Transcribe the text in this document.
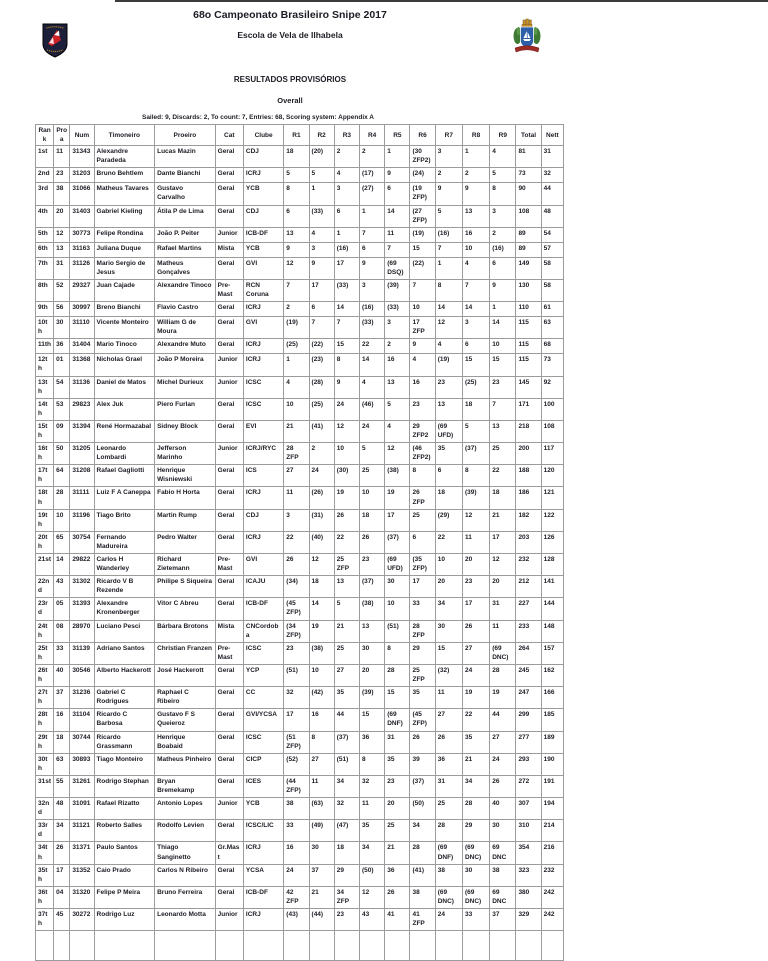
68o Campeonato Brasileiro Snipe 2017
Escola de Vela de Ilhabela
RESULTADOS PROVISÓRIOS
Overall
Sailed: 9, Discards: 2, To count: 7, Entries: 68, Scoring system: Appendix A
Rank	Proa	Num	Timoneiro	Proeiro	Cat	Clube	R1	R2	R3	R4	R5	R6	R7	R8	R9	Total	Nett
1st	11	31343	Alexandre Paradeda	Lucas Mazin	Geral	CDJ	18	(20)	2	2	1	(30 ZFP2)	3	1	4	81	31
2nd	23	31203	Bruno Behtlem	Dante Bianchi	Geral	ICRJ	5	5	4	(17)	9	(24)	2	2	5	73	32
3rd	38	31066	Matheus Tavares	Gustavo Carvalho	Geral	YCB	8	1	3	(27)	6	(19 ZFP)	9	9	8	90	44
4th	20	31403	Gabriel Kieling	Átila P de Lima	Geral	CDJ	6	(33)	6	1	14	(27 ZFP)	5	13	3	108	48
5th	12	30773	Felipe Rondina	João P. Peiter	Junior	ICB-DF	13	4	1	7	11	(19)	(16)	16	2	89	54
6th	13	31163	Juliana Duque	Rafael Martins	Mista	YCB	9	3	(16)	6	7	15	7	10	(16)	89	57
7th	31	31126	Mario Sergio de Jesus	Matheus Gonçalves	Geral	GVI	12	9	17	9	(69 DSQ)	(22)	1	4	6	149	58
8th	52	29327	Juan Cajade	Alexandre Tinoco	Pre-Mast	RCN Coruna	7	17	(33)	3	(39)	7	8	7	9	130	58
9th	56	30997	Breno Bianchi	Flavio Castro	Geral	ICRJ	2	6	14	(16)	(33)	10	14	14	1	110	61
10th	30	31110	Vicente Monteiro	William G de Moura	Geral	GVI	(19)	7	7	(33)	3	17 ZFP	12	3	14	115	63
11th	36	31404	Mario Tinoco	Alexandre Muto	Geral	ICRJ	(25)	(22)	15	22	2	9	4	6	10	115	68
12th	01	31368	Nicholas Grael	João P Moreira	Junior	ICRJ	1	(23)	8	14	16	4	(19)	15	15	115	73
13th	54	31136	Daniel de Matos	Michel Durieux	Junior	ICSC	4	(28)	9	4	13	16	23	(25)	23	145	92
14th	53	29823	Alex Juk	Piero Furlan	Geral	ICSC	10	(25)	24	(46)	5	23	13	18	7	171	100
15th	09	31394	René Hormazabal	Sidney Block	Geral	EVI	21	(41)	12	24	4	29 ZFP2	(69 UFD)	5	13	218	108
16th	50	31205	Leonardo Lombardi	Jefferson Marinho	Junior	ICRJ/RYC	28 ZFP	2	10	5	12	(46 ZFP2)	35	(37)	25	200	117
17th	64	31208	Rafael Gagliotti	Henrique Wisniewski	Geral	ICS	27	24	(30)	25	(38)	8	6	8	22	188	120
18th	28	31111	Luiz F A Caneppa	Fabio H Horta	Geral	ICRJ	11	(26)	19	10	19	26 ZFP	18	(39)	18	186	121
19th	10	31196	Tiago Brito	Martin Rump	Geral	CDJ	3	(31)	26	18	17	25	(29)	12	21	182	122
20th	65	30754	Fernando Madureira	Pedro Walter	Geral	ICRJ	22	(40)	22	26	(37)	6	22	11	17	203	126
21st	14	29822	Carlos H Wanderley	Richard Zietemann	Pre-Mast	GVI	26	12	25 ZFP	23	(69 UFD)	(35 ZFP)	10	20	12	232	128
22nd	43	31302	Ricardo V B Rezende	Philipe S Siqueira	Geral	ICAJU	(34)	18	13	(37)	30	17	20	23	20	212	141
23rd	05	31393	Alexandre Kronenberger	Vitor C Abreu	Geral	ICB-DF	(45 ZFP)	14	5	(38)	10	33	34	17	31	227	144
24th	08	28970	Luciano Pesci	Bárbara Brotons	Mista	CNCordoba	(34 ZFP)	19	21	13	(51)	28 ZFP	30	26	11	233	148
25th	33	31139	Adriano Santos	Christian Franzen	Pre-Mast	ICSC	23	(38)	25	30	8	29	15	27	(69 DNC)	264	157
26th	40	30546	Alberto Hackerott	José Hackerott	Geral	YCP	(51)	10	27	20	28	25 ZFP	(32)	24	28	245	162
27th	37	31236	Gabriel C Rodrigues	Raphael C Ribeiro	Geral	CC	32	(42)	35	(39)	15	35	11	19	19	247	166
28th	16	31104	Ricardo C Barbosa	Gustavo F S Queieroz	Geral	GVI/YCSA	17	16	44	15	(69 DNF)	(45 ZFP)	27	22	44	299	185
29th	18	30744	Ricardo Grassmann	Henrique Boabaid	Geral	ICSC	(51 ZFP)	8	(37)	36	31	26	26	35	27	277	189
30th	63	30893	Tiago Monteiro	Matheus Pinheiro	Geral	CICP	(52)	27	(51)	8	35	39	36	21	24	293	190
31st	55	31261	Rodrigo Stephan	Bryan Bremekamp	Geral	ICES	(44 ZFP)	11	34	32	23	(37)	31	34	26	272	191
32nd	48	31091	Rafael Rizatto	Antonio Lopes	Junior	YCB	38	(63)	32	11	20	(50)	25	28	40	307	194
33rd	34	31121	Roberto Salles	Rodolfo Levien	Geral	ICSC/LIC	33	(49)	(47)	35	25	34	28	29	30	310	214
34th	26	31371	Paulo Santos	Thiago Sanginetto	Gr.Mast	ICRJ	16	30	18	34	21	28	(69 DNF)	(69 DNC)	69 DNC	354	216
35th	17	31352	Caio Prado	Carlos N Ribeiro	Geral	YCSA	24	37	29	(50)	36	(41)	38	30	38	323	232
36th	04	31320	Felipe P Meira	Bruno Ferreira	Geral	ICB-DF	42 ZFP	21	34 ZFP	12	26	38	(69 DNC)	(69 DNC)	69 DNC	380	242
37th	45	30272	Rodrigo Luz	Leonardo Motta	Junior	ICRJ	(43)	(44)	23	43	41	41 ZFP	24	33	37	329	242
